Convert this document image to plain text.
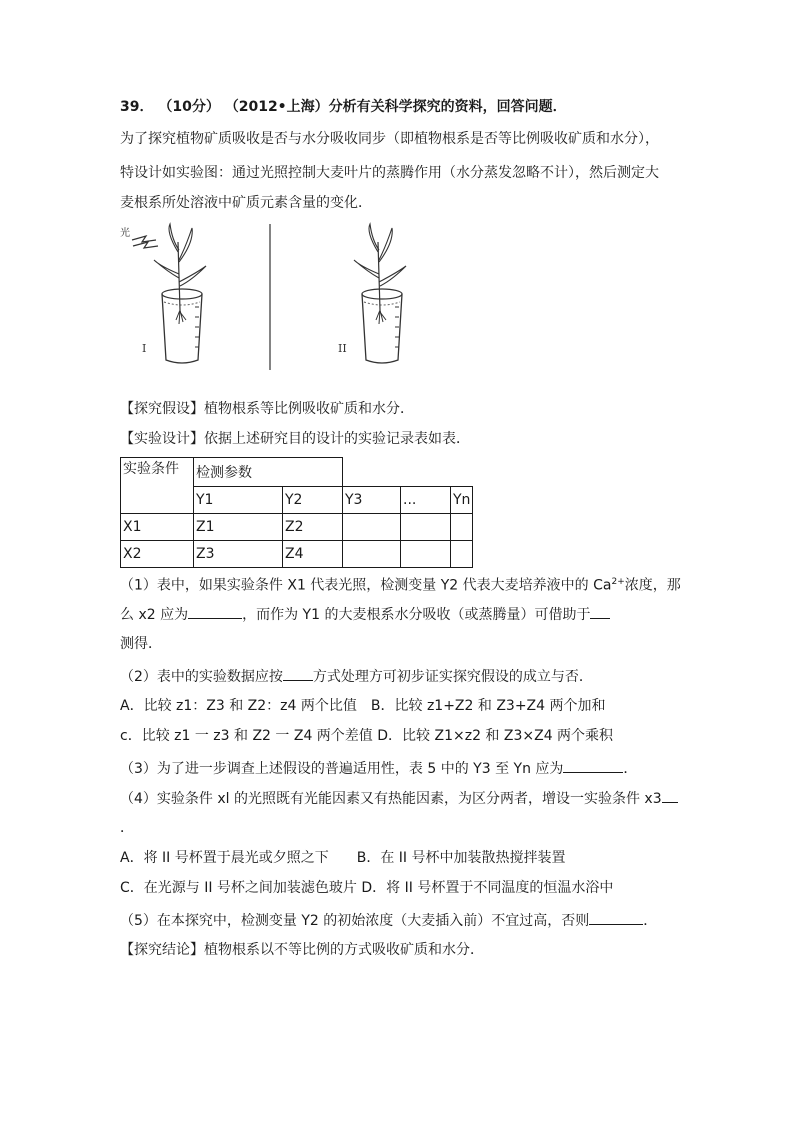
39． （10分） （2012•上海）分析有关科学探究的资料，回答问题．
为了探究植物矿质吸收是否与水分吸收同步（即植物根系是否等比例吸收矿质和水分），
特设计如实验图：通过光照控制大麦叶片的蒸腾作用（水分蒸发忽略不计），然后测定大
麦根系所处溶液中矿质元素含量的变化．
光
I	II
【探究假设】植物根系等比例吸收矿质和水分．
【实验设计】依据上述研究目的设计的实验记录表如表．
实验条件	检测参数				
	Y1	Y2	Y3	...	Yn
X1	Z1	Z2			
X2	Z3	Z4			
（1）表中，如果实验条件 X1 代表光照，检测变量 Y2 代表大麦培养液中的 $Ca^{2+}$浓度，那
么 x2 应为	，而作为 Y1 的大麦根系水分吸收（或蒸腾量）可借助于
测得．
（2）表中的实验数据应按 方式处理方可初步证实探究假设的成立与否．
A．比较 z1：Z3 和 Z2：z4 两个比值　B．比较 z1+Z2 和 Z3+Z4 两个加和
c．比较 z1 一 z3 和 Z2 一 Z4 两个差值 D．比较 Z1×z2 和 Z3×Z4 两个乘积
（3）为了进一步调查上述假设的普遍适用性，表 5 中的 Y3 至 Yn 应为	．
（4）实验条件 xl 的光照既有光能因素又有热能因素，为区分两者，增设一实验条件 x3
．
A．将 II 号杯置于晨光或夕照之下　　B．在 II 号杯中加装散热搅拌装置
C．在光源与 II 号杯之间加装滤色玻片 D．将 II 号杯置于不同温度的恒温水浴中
（5）在本探究中，检测变量 Y2 的初始浓度（大麦插入前）不宜过高，否则	．
【探究结论】植物根系以不等比例的方式吸收矿质和水分．
